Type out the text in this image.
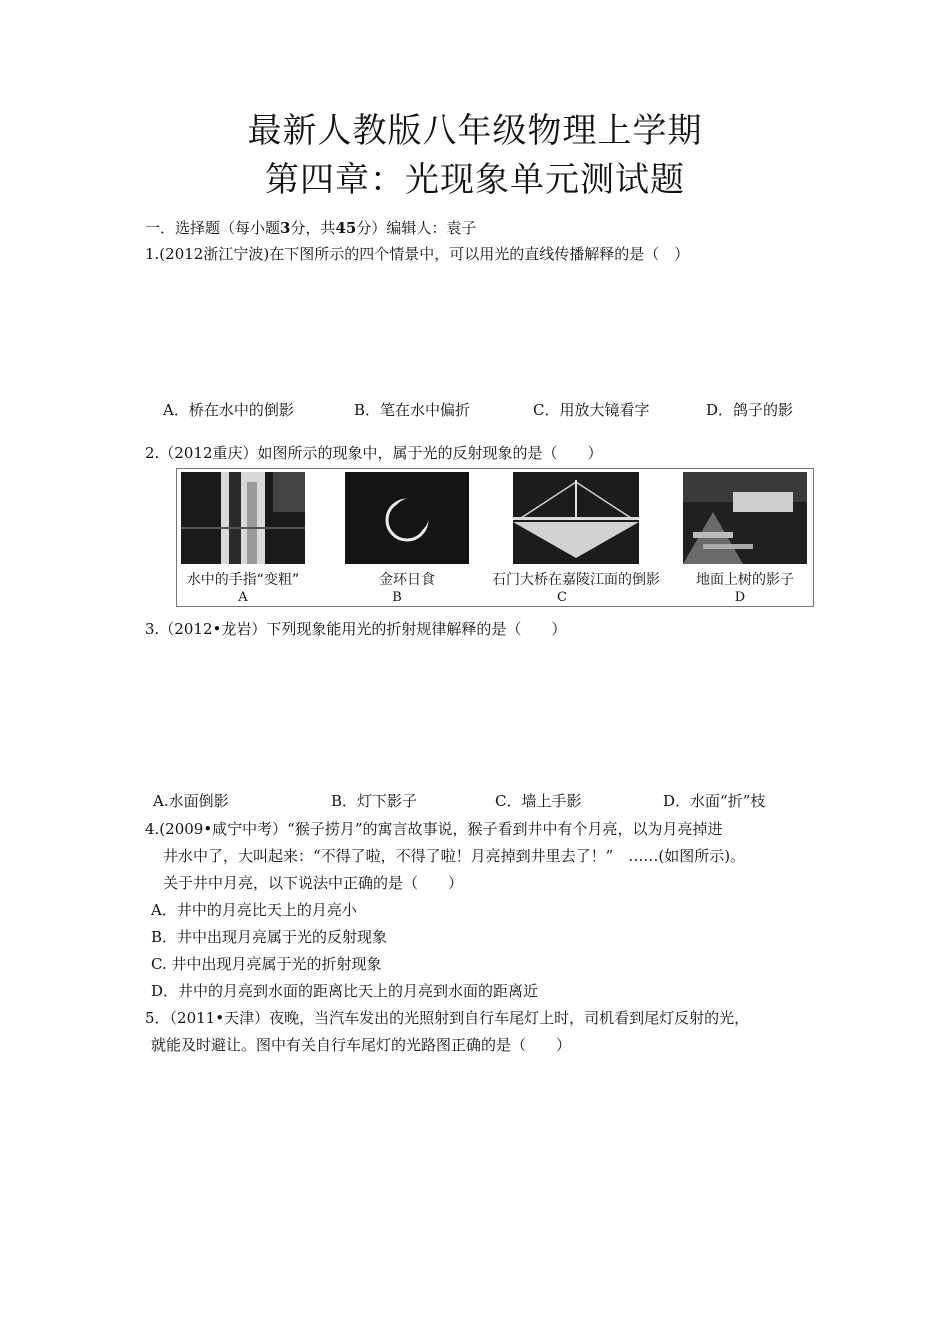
最新人教版八年级物理上学期
第四章：光现象单元测试题
一．选择题（每小题3分，共45分）编辑人：袁子
1.(2012浙江宁波)在下图所示的四个情景中，可以用光的直线传播解释的是（　）
A．桥在水中的倒影	B．笔在水中偏折	C．用放大镜看字	D．鸽子的影
2.（2012重庆）如图所示的现象中，属于光的反射现象的是（　　）
水中的手指“变粗”	金环日食	石门大桥在嘉陵江面的倒影	地面上树的影子
A	B	C	D
3.（2012•龙岩）下列现象能用光的折射规律解释的是（　　）
A.水面倒影	B．灯下影子	C．墙上手影	D．水面“折”枝
4.(2009•咸宁中考）“猴子捞月”的寓言故事说，猴子看到井中有个月亮，以为月亮掉进
井水中了，大叫起来：“不得了啦，不得了啦！月亮掉到井里去了！”　……(如图所示)。
关于井中月亮，以下说法中正确的是（　　）
A．井中的月亮比天上的月亮小
B．井中出现月亮属于光的反射现象
C. 井中出现月亮属于光的折射现象
D．井中的月亮到水面的距离比天上的月亮到水面的距离近
5．（2011•天津）夜晚，当汽车发出的光照射到自行车尾灯上时，司机看到尾灯反射的光，
就能及时避让。图中有关自行车尾灯的光路图正确的是（　　）
